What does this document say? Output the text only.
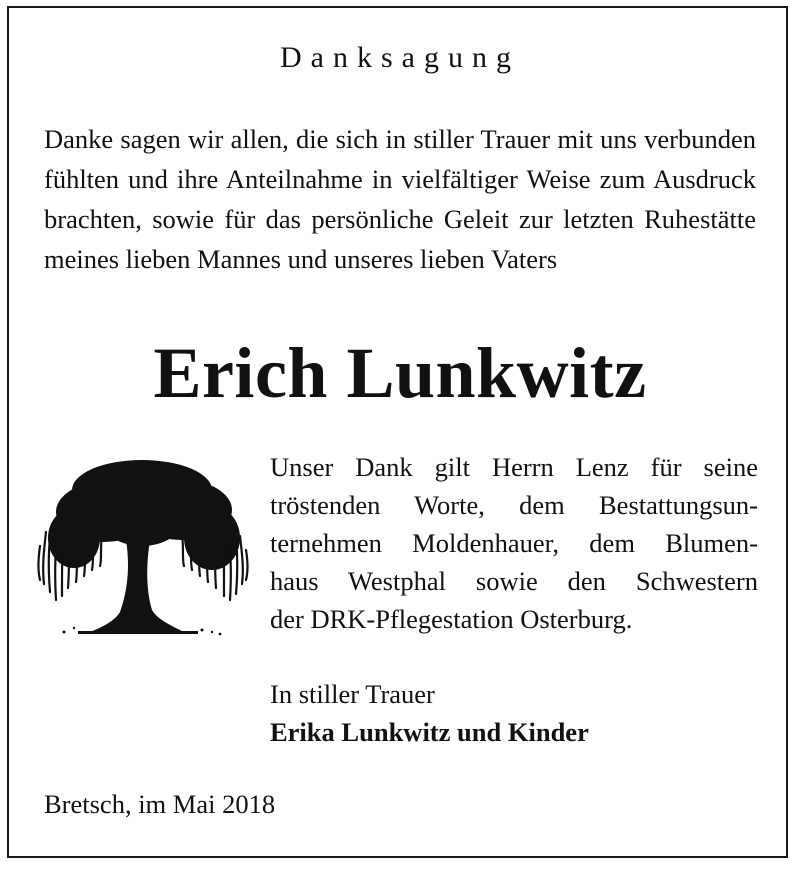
Danksagung

Danke sagen wir allen, die sich in stiller Trauer mit uns verbunden fühlten und ihre Anteilnahme in vielfältiger Weise zum Ausdruck brachten, sowie für das persönliche Geleit zur letzten Ruhestätte meines lieben Mannes und unseres lieben Vaters

Erich Lunkwitz
Unser Dank gilt Herrn Lenz für seine
tröstenden Worte, dem Bestattungsun-
ternehmen Moldenhauer, dem Blumen-
haus Westphal sowie den Schwestern
der DRK-Pflegestation Osterburg.
In stiller Trauer
Erika Lunkwitz und Kinder
Bretsch, im Mai 2018
